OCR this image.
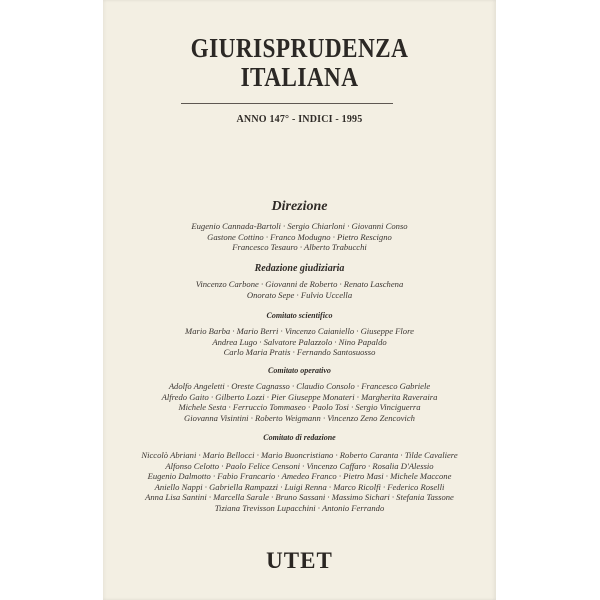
GIURISPRUDENZA
ITALIANA
ANNO 147° - INDICI - 1995
Direzione
Eugenio Cannada-Bartoli · Sergio Chiarloni · Giovanni Conso
Gastone Cottino · Franco Modugno · Pietro Rescigno
Francesco Tesauro · Alberto Trabucchi
Redazione giudiziaria
Vincenzo Carbone · Giovanni de Roberto · Renato Laschena
Onorato Sepe · Fulvio Uccella
Comitato scientifico
Mario Barba · Mario Berri · Vincenzo Caianiello · Giuseppe Flore
Andrea Lugo · Salvatore Palazzolo · Nino Papaldo
Carlo Maria Pratis · Fernando Santosuosso
Comitato operativo
Adolfo Angeletti · Oreste Cagnasso · Claudio Consolo · Francesco Gabriele
Alfredo Gaito · Gilberto Lozzi · Pier Giuseppe Monateri · Margherita Raveraira
Michele Sesta · Ferruccio Tommaseo · Paolo Tosi · Sergio Vinciguerra
Giovanna Visintini · Roberto Weigmann · Vincenzo Zeno Zencovich
Comitato di redazione
Niccolò Abriani · Mario Bellocci · Mario Buoncristiano · Roberto Caranta · Tilde Cavaliere
Alfonso Celotto · Paolo Felice Censoni · Vincenzo Caffaro · Rosalia D'Alessio
Eugenio Dalmotto · Fabio Francario · Amedeo Franco · Pietro Masi · Michele Maccone
Aniello Nappi · Gabriella Rampazzi · Luigi Renna · Marco Ricolfi · Federico Roselli
Anna Lisa Santini · Marcella Sarale · Bruno Sassani · Massimo Sichari · Stefania Tassone
Tiziana Trevisson Lupacchini · Antonio Ferrando
UTET
